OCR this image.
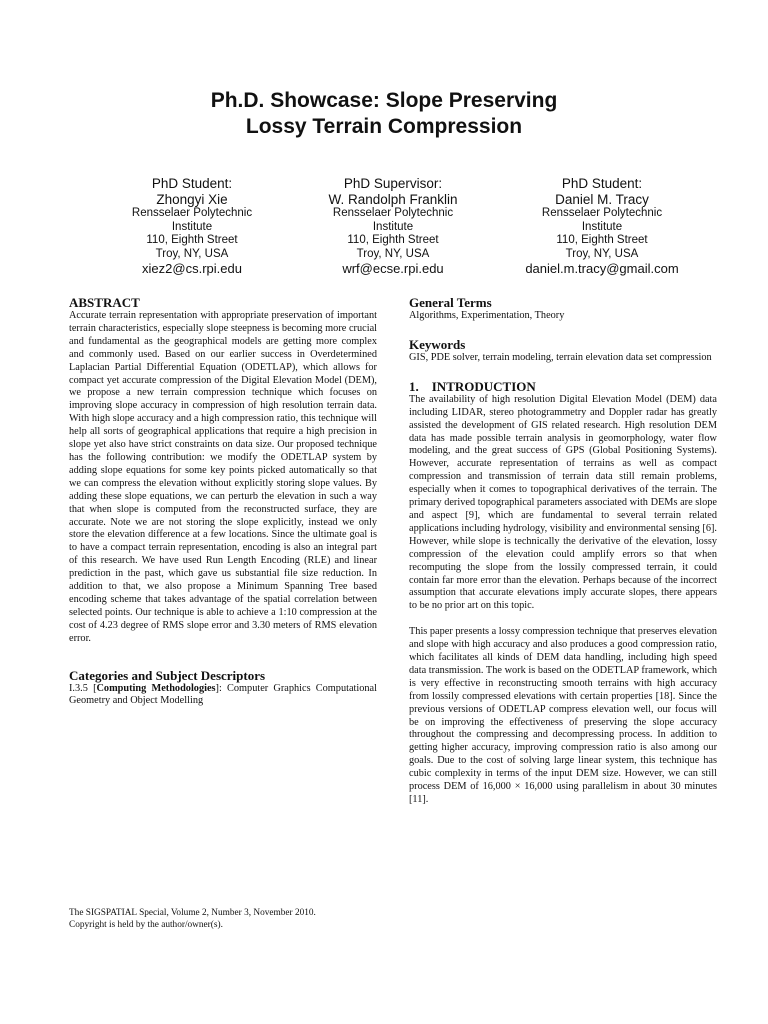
Ph.D. Showcase: Slope Preserving
Lossy Terrain Compression
PhD Student:
Zhongyi Xie
Rensselaer Polytechnic
Institute
110, Eighth Street
Troy, NY, USA
xiez2@cs.rpi.edu
PhD Supervisor:
W. Randolph Franklin
Rensselaer Polytechnic
Institute
110, Eighth Street
Troy, NY, USA
wrf@ecse.rpi.edu
PhD Student:
Daniel M. Tracy
Rensselaer Polytechnic
Institute
110, Eighth Street
Troy, NY, USA
daniel.m.tracy@gmail.com
ABSTRACT

Accurate terrain representation with appropriate preservation of important terrain characteristics, especially slope steepness is becoming more crucial and fundamental as the geographical models are getting more complex and commonly used. Based on our earlier success in Overdetermined Laplacian Partial Differential Equation (ODETLAP), which allows for compact yet accurate compression of the Digital Elevation Model (DEM), we propose a new terrain compression technique which focuses on improving slope accuracy in compression of high resolution terrain data. With high slope accuracy and a high compression ratio, this technique will help all sorts of geographical applications that require a high precision in slope yet also have strict constraints on data size. Our proposed technique has the following contribution: we modify the ODETLAP system by adding slope equations for some key points picked automatically so that we can compress the elevation without explicitly storing slope values. By adding these slope equations, we can perturb the elevation in such a way that when slope is computed from the reconstructed surface, they are accurate. Note we are not storing the slope explicitly, instead we only store the elevation difference at a few locations. Since the ultimate goal is to have a compact terrain representation, encoding is also an integral part of this research. We have used Run Length Encoding (RLE) and linear prediction in the past, which gave us substantial file size reduction. In addition to that, we also propose a Minimum Spanning Tree based encoding scheme that takes advantage of the spatial correlation between selected points. Our technique is able to achieve a 1:10 compression at the cost of 4.23 degree of RMS slope error and 3.30 meters of RMS elevation error.

Categories and Subject Descriptors

I.3.5 [Computing Methodologies]: Computer Graphics Computational Geometry and Object Modelling

The SIGSPATIAL Special, Volume 2, Number 3, November 2010.
Copyright is held by the author/owner(s).
General Terms

Algorithms, Experimentation, Theory

Keywords

GIS, PDE solver, terrain modeling, terrain elevation data set compression

1.    INTRODUCTION

The availability of high resolution Digital Elevation Model (DEM) data including LIDAR, stereo photogrammetry and Doppler radar has greatly assisted the development of GIS related research. High resolution DEM data has made possible terrain analysis in geomorphology, water flow modeling, and the great success of GPS (Global Positioning Systems). However, accurate representation of terrains as well as compact compression and transmission of terrain data still remain problems, especially when it comes to topographical derivatives of the terrain. The primary derived topographical parameters associated with DEMs are slope and aspect [9], which are fundamental to several terrain related applications including hydrology, visibility and environmental sensing [6]. However, while slope is technically the derivative of the elevation, lossy compression of the elevation could amplify errors so that when recomputing the slope from the lossily compressed terrain, it could contain far more error than the elevation. Perhaps because of the incorrect assumption that accurate elevations imply accurate slopes, there appears to be no prior art on this topic.

This paper presents a lossy compression technique that preserves elevation and slope with high accuracy and also produces a good compression ratio, which facilitates all kinds of DEM data handling, including high speed data transmission. The work is based on the ODETLAP framework, which is very effective in reconstructing smooth terrains with high accuracy from lossily compressed elevations with certain properties [18]. Since the previous versions of ODETLAP compress elevation well, our focus will be on improving the effectiveness of preserving the slope accuracy throughout the compressing and decompressing process. In addition to getting higher accuracy, improving compression ratio is also among our goals. Due to the cost of solving large linear system, this technique has cubic complexity in terms of the input DEM size. However, we can still process DEM of 16,000 × 16,000 using parallelism in about 30 minutes [11].
